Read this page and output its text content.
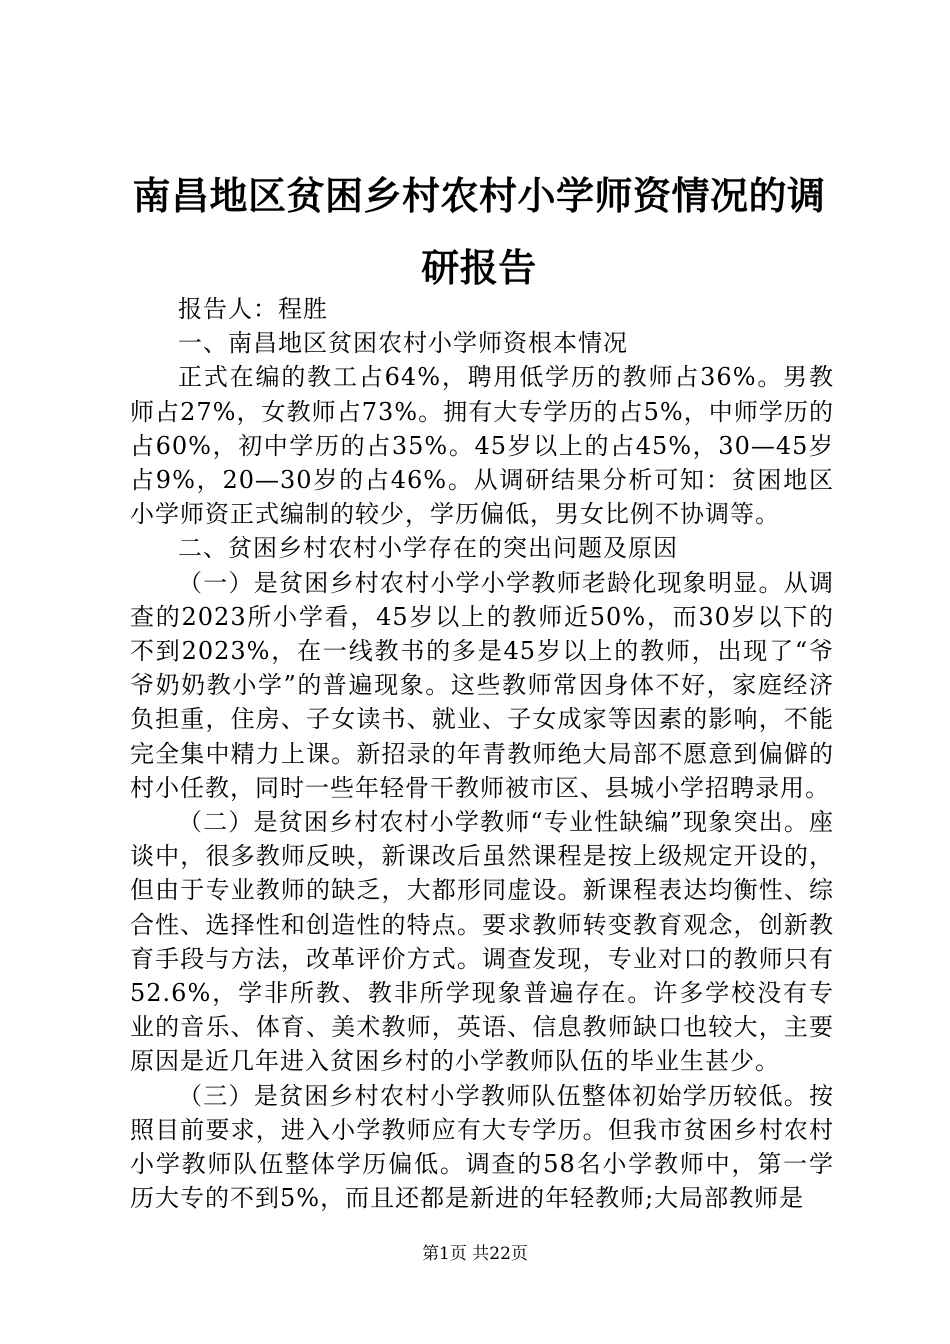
南昌地区贫困乡村农村小学师资情况的调研报告

报告人：程胜

一、南昌地区贫困农村小学师资根本情况

正式在编的教工占64%，聘用低学历的教师占36%。男教师占27%，女教师占73%。拥有大专学历的占5%，中师学历的占60%，初中学历的占35%。45岁以上的占45%，30—45岁占9%，20—30岁的占46%。从调研结果分析可知：贫困地区小学师资正式编制的较少，学历偏低，男女比例不协调等。

二、贫困乡村农村小学存在的突出问题及原因

（一）是贫困乡村农村小学小学教师老龄化现象明显。从调查的2023所小学看，45岁以上的教师近50%，而30岁以下的不到2023%，在一线教书的多是45岁以上的教师，出现了“爷爷奶奶教小学”的普遍现象。这些教师常因身体不好，家庭经济负担重，住房、子女读书、就业、子女成家等因素的影响，不能完全集中精力上课。新招录的年青教师绝大局部不愿意到偏僻的村小任教，同时一些年轻骨干教师被市区、县城小学招聘录用。

（二）是贫困乡村农村小学教师“专业性缺编”现象突出。座谈中，很多教师反映，新课改后虽然课程是按上级规定开设的，但由于专业教师的缺乏，大都形同虚设。新课程表达均衡性、综合性、选择性和创造性的特点。要求教师转变教育观念，创新教育手段与方法，改革评价方式。调查发现，专业对口的教师只有52.6%，学非所教、教非所学现象普遍存在。许多学校没有专业的音乐、体育、美术教师，英语、信息教师缺口也较大，主要原因是近几年进入贫困乡村的小学教师队伍的毕业生甚少。

（三）是贫困乡村农村小学教师队伍整体初始学历较低。按照目前要求，进入小学教师应有大专学历。但我市贫困乡村农村小学教师队伍整体学历偏低。调查的58名小学教师中，第一学历大专的不到5%，而且还都是新进的年轻教师;大局部教师是

第1页 共22页
